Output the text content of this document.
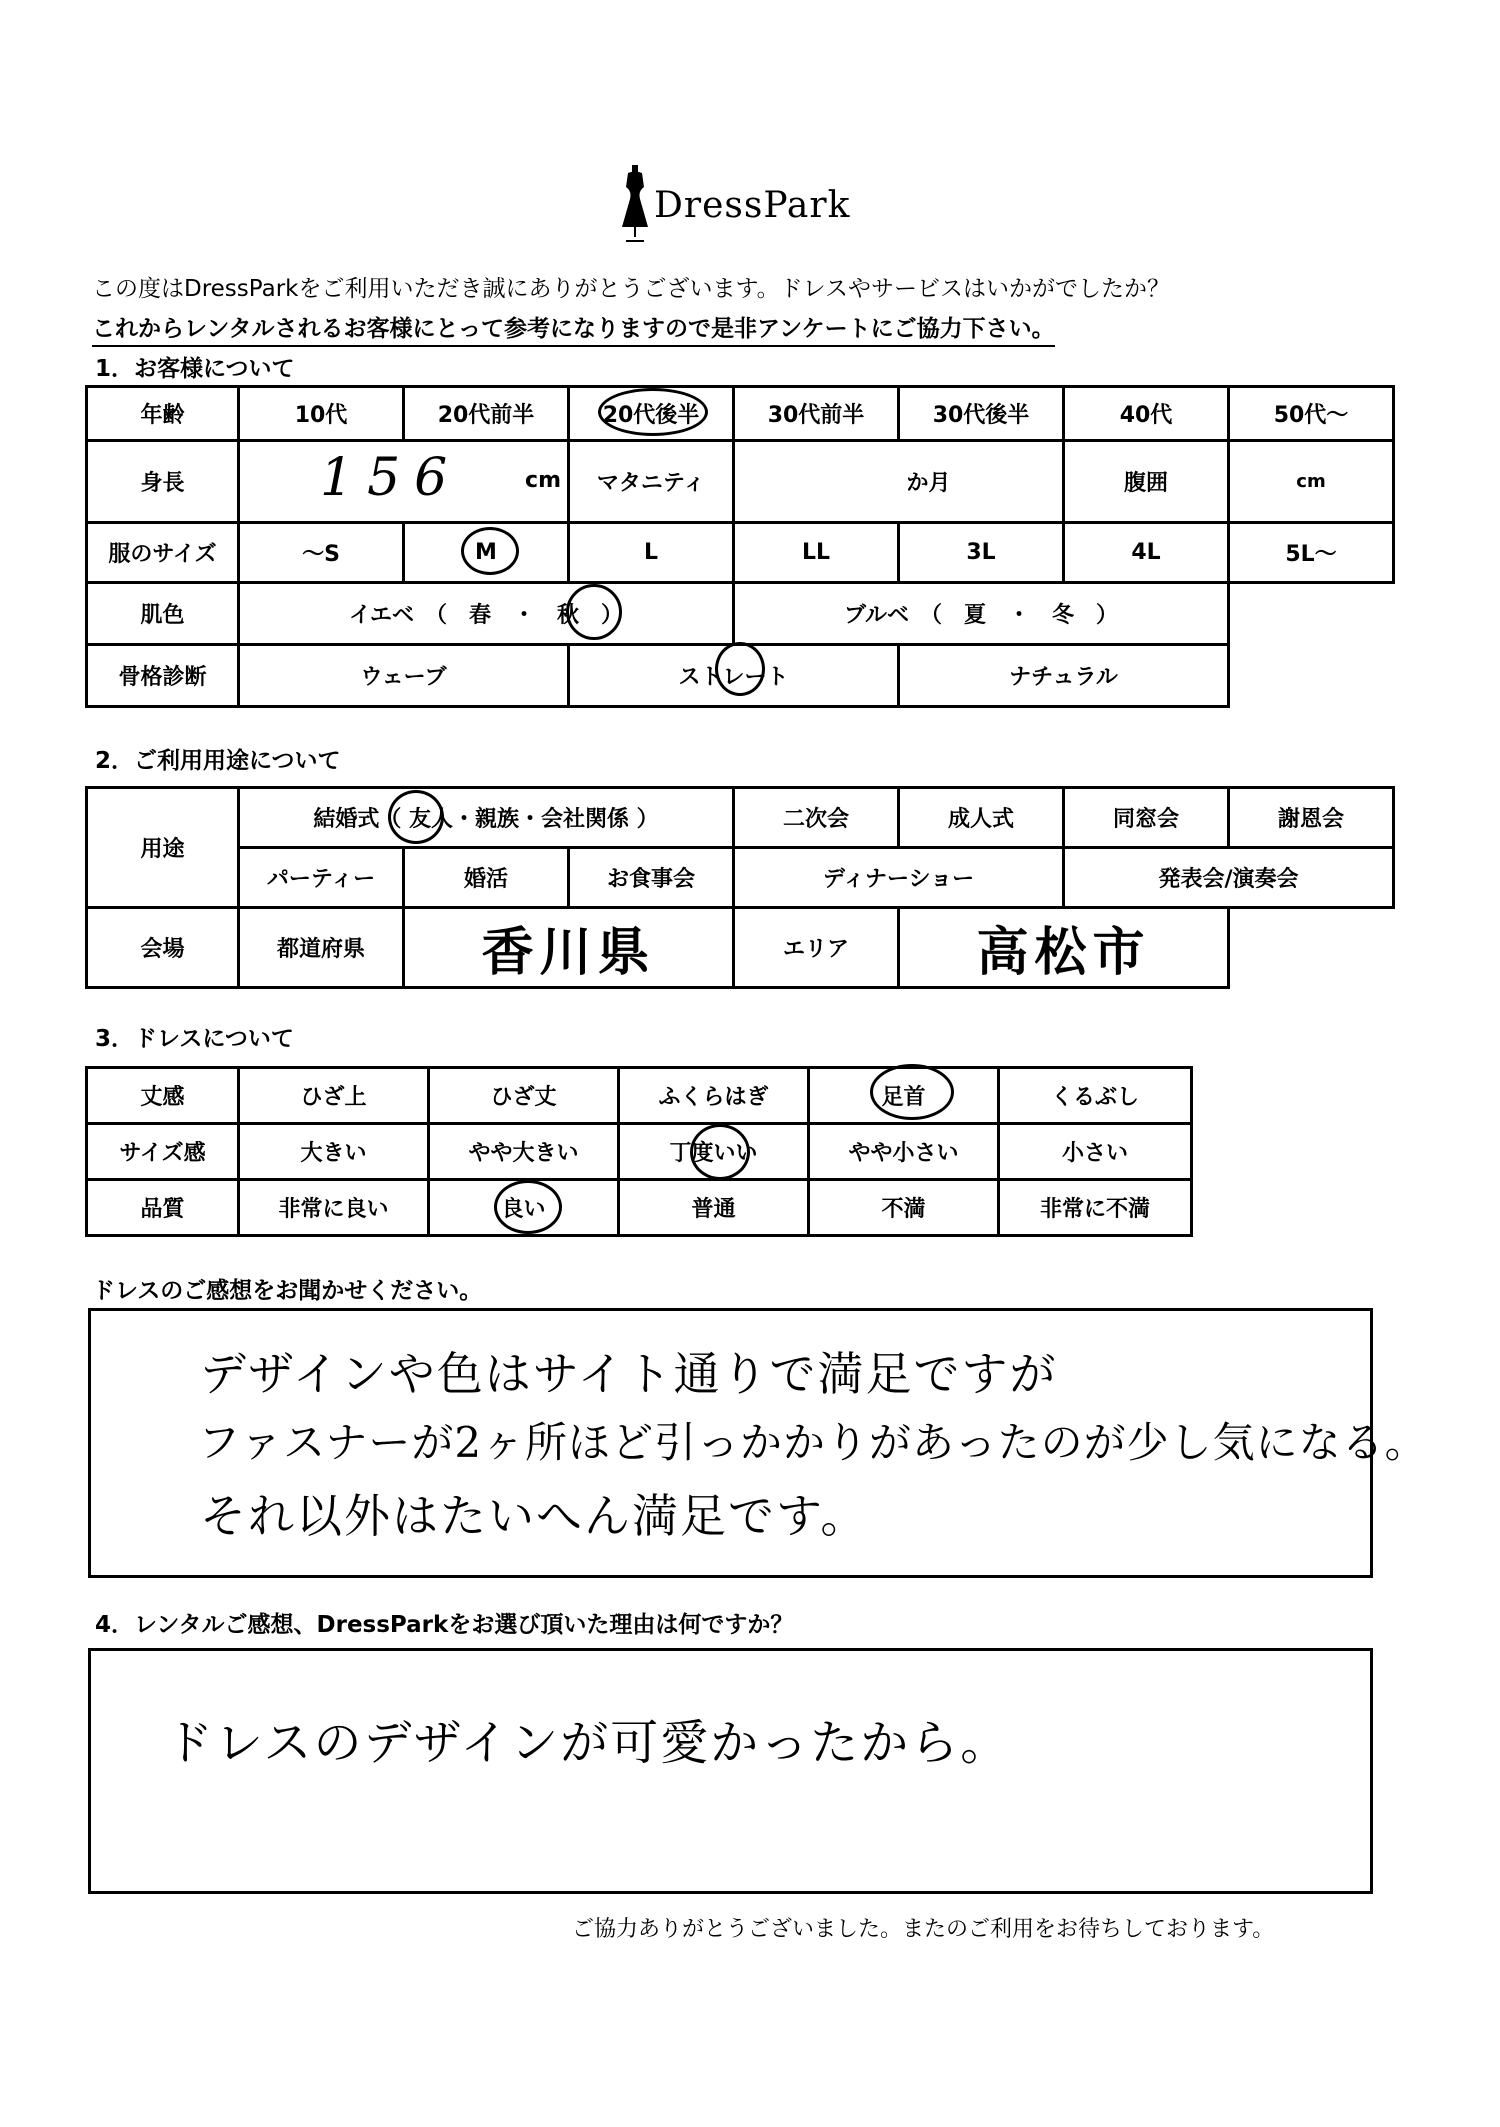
DressPark
この度はDressParkをご利用いただき誠にありがとうございます。ドレスやサービスはいかがでしたか？
これからレンタルされるお客様にとって参考になりますので是非アンケートにご協力下さい。
1．お客様について
年齢	10代	20代前半	20代後半	30代前半	30代後半	40代	50代～
身長	156 cm		マタニティ	か月		腹囲	cm
服のサイズ	～S	M	L	LL	3L	4L	5L～
肌色	イエベ　（　春　・　秋　）			ブルベ　（　夏　・　冬　）			
骨格診断	ウェーブ		ストレート		ナチュラル		
2．ご利用用途について
用途	結婚式（ 友人・親族・会社関係 ）			二次会	成人式	同窓会	謝恩会
	パーティー	婚活	お食事会	ディナーショー		発表会/演奏会	
会場	都道府県	香川県		エリア	高松市		
3．ドレスについて
丈感	ひざ上	ひざ丈	ふくらはぎ	足首	くるぶし
サイズ感	大きい	やや大きい	丁度いい	やや小さい	小さい
品質	非常に良い	良い	普通	不満	非常に不満
ドレスのご感想をお聞かせください。
デザインや色はサイト通りで満足ですが
ファスナーが2ヶ所ほど引っかかりがあったのが少し気になる。
それ以外はたいへん満足です。
4．レンタルご感想、DressParkをお選び頂いた理由は何ですか？
ドレスのデザインが可愛かったから。
ご協力ありがとうございました。またのご利用をお待ちしております。
